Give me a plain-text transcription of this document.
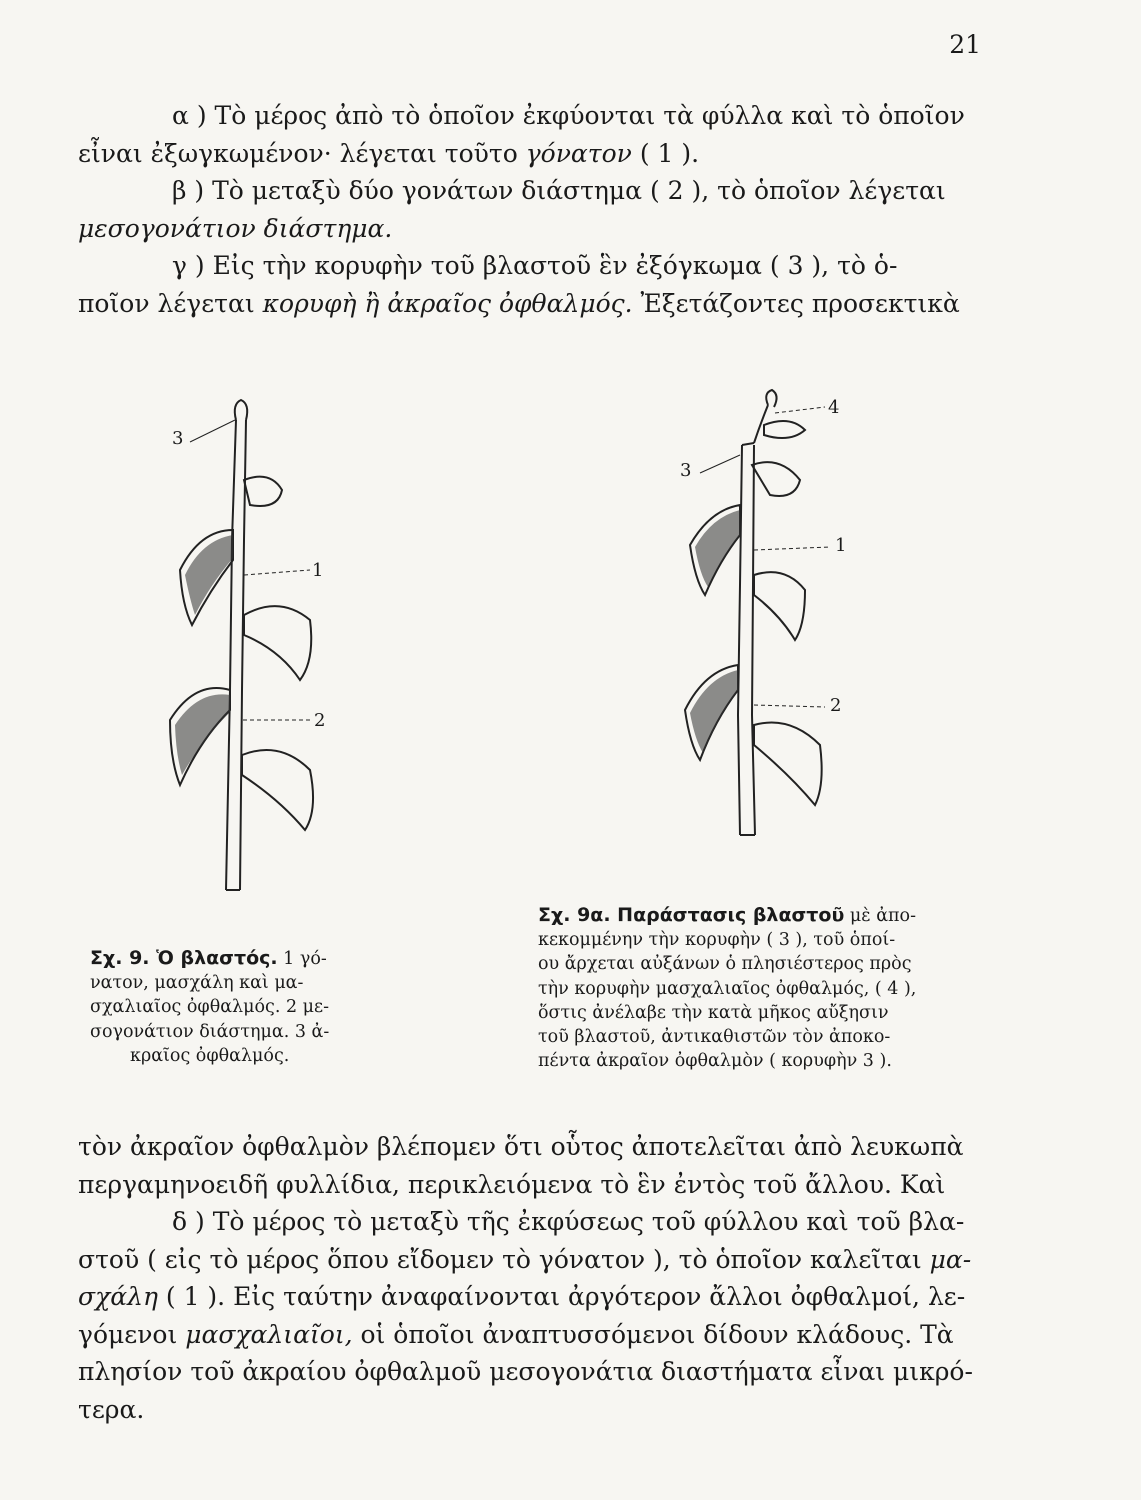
21
α ) Τὸ μέρος ἀπὸ τὸ ὁποῖον ἐκφύονται τὰ φύλλα καὶ τὸ ὁποῖον
εἶναι ἐξωγκωμένον· λέγεται τοῦτο γόνατον ( 1 ).
β ) Τὸ μεταξὺ δύο γονάτων διάστημα ( 2 ), τὸ ὁποῖον λέγεται
μεσογονάτιον διάστημα.
γ ) Εἰς τὴν κορυφὴν τοῦ βλαστοῦ ἓν ἐξόγκωμα ( 3 ), τὸ ὁ-
ποῖον λέγεται κορυφὴ ἢ ἀκραῖος ὀφθαλμός. Ἐξετάζοντες προσεκτικὰ
3
1
2
Σχ. 9. Ὁ βλαστός. 1 γό-
νατον, μασχάλη καὶ μα-
σχαλιαῖος ὀφθαλμός. 2 με-
σογονάτιον διάστημα. 3 ἀ-
κραῖος ὀφθαλμός.
4
3
1
2
Σχ. 9α. Παράστασις βλαστοῦ μὲ ἀπο-
κεκομμένην τὴν κορυφὴν ( 3 ), τοῦ ὁποί-
ου ἄρχεται αὐξάνων ὁ πλησιέστερος πρὸς
τὴν κορυφὴν μασχαλιαῖος ὀφθαλμός, ( 4 ),
ὅστις ἀνέλαβε τὴν κατὰ μῆκος αὔξησιν
τοῦ βλαστοῦ, ἀντικαθιστῶν τὸν ἀποκο-
πέντα ἀκραῖον ὀφθαλμὸν ( κορυφὴν 3 ).
τὸν ἀκραῖον ὀφθαλμὸν βλέπομεν ὅτι οὗτος ἀποτελεῖται ἀπὸ λευκωπὰ
περγαμηνοειδῆ φυλλίδια, περικλειόμενα τὸ ἓν ἐντὸς τοῦ ἄλλου. Καὶ
δ ) Τὸ μέρος τὸ μεταξὺ τῆς ἐκφύσεως τοῦ φύλλου καὶ τοῦ βλα-
στοῦ ( εἰς τὸ μέρος ὅπου εἴδομεν τὸ γόνατον ), τὸ ὁποῖον καλεῖται μα-
σχάλη ( 1 ). Εἰς ταύτην ἀναφαίνονται ἀργότερον ἄλλοι ὀφθαλμοί, λε-
γόμενοι μασχαλιαῖοι, οἱ ὁποῖοι ἀναπτυσσόμενοι δίδουν κλάδους. Τὰ
πλησίον τοῦ ἀκραίου ὀφθαλμοῦ μεσογονάτια διαστήματα εἶναι μικρό-
τερα.
